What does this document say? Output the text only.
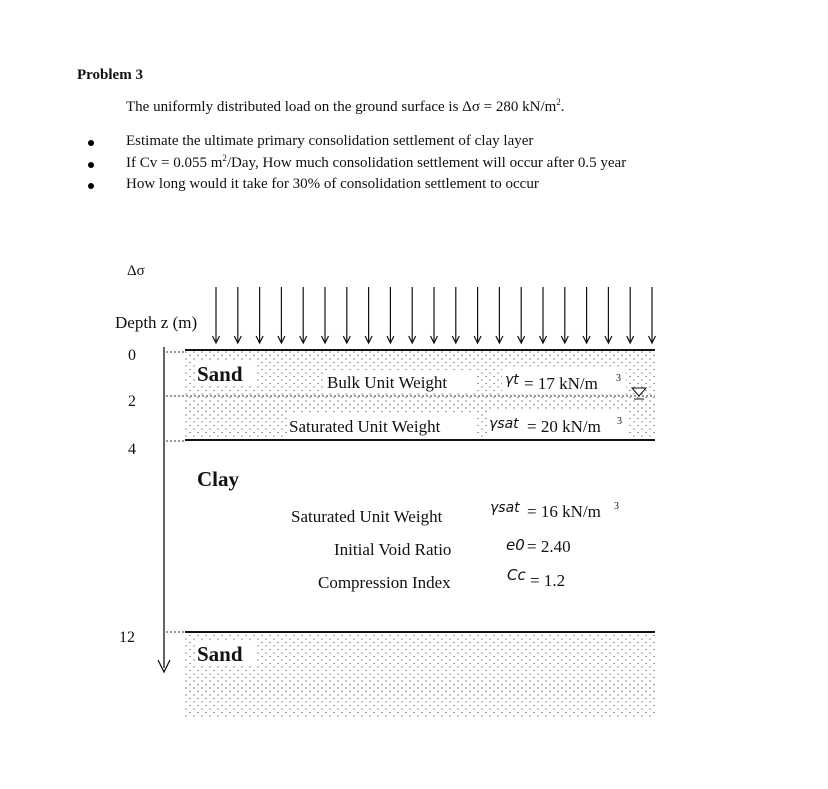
Problem 3
The uniformly distributed load on the ground surface is Δσ = 280 $kN/m^2$.
Estimate the ultimate primary consolidation settlement of clay layer
If Cv = 0.055 $m^2$/Day, How much consolidation settlement will occur after 0.5 year
How long would it take for 30% of consolidation settlement to occur
Δσ
Depth z (m)
0
2
4
12
Sand	Bulk Unit Weight	γt = 17 kN/m 3
Saturated Unit Weight	γsat = 20 kN/m 3
Clay
Saturated Unit Weight	γsat = 16 kN/m 3
Initial Void Ratio	e0 = 2.40
Compression Index	Cc = 1.2
Sand
